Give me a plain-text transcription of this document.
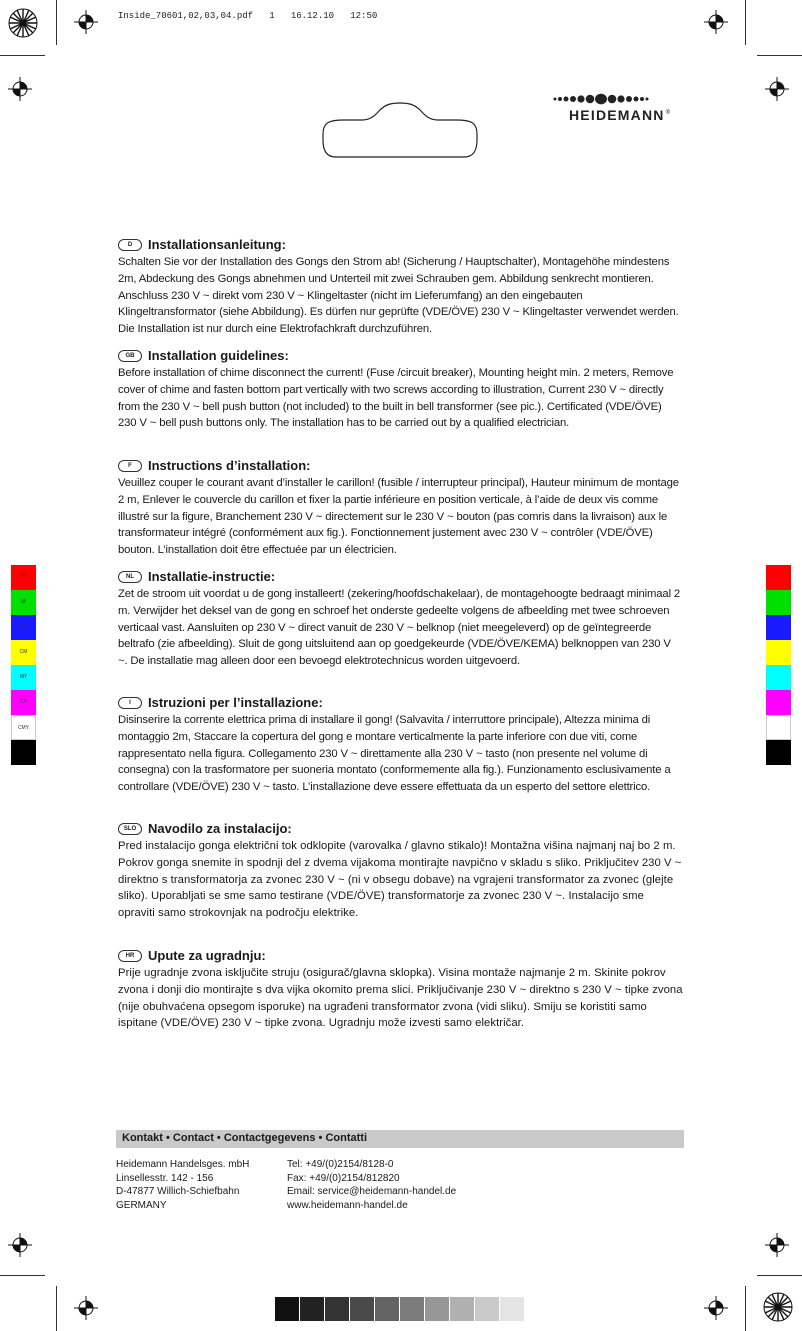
Inside_70601,02,03,04.pdf   1   16.12.10   12:50
HEIDEMANN®
D	Installationsanleitung:
Schalten Sie vor der Installation des Gongs den Strom ab! (Sicherung / Hauptschalter), Montagehöhe mindestens 2m, Abdeckung des Gongs abnehmen und Unterteil mit zwei Schrauben gem. Abbildung senkrecht montieren. Anschluss 230 V ~ direkt vom 230 V ~ Klingeltaster (nicht im Lieferumfang) an den eingebauten Klingeltransformator (siehe Abbildung). Es dürfen nur geprüfte (VDE/ÖVE) 230 V ~ Klingeltaster verwendet werden. Die Installation ist nur durch eine Elektrofachkraft durchzuführen.
GB	Installation guidelines:
Before installation of chime disconnect the current! (Fuse /circuit breaker), Mounting height min. 2 meters, Remove cover of chime and fasten bottom part vertically with two screws according to illustration, Current 230 V ~ directly from the 230 V ~ bell push button (not included) to the built in bell transformer (see pic.). Certificated (VDE/ÖVE) 230 V ~ bell push buttons only. The installation has to be carried out by a qualified electrician.
F	Instructions d’installation:
Veuillez couper le courant avant d’installer le carillon! (fusible / interrupteur principal), Hauteur minimum de montage 2 m, Enlever le couvercle du carillon et fixer la partie inférieure en position verticale, à l’aide de deux vis comme illustré sur la figure, Branchement 230 V ~ directement sur le 230 V ~ bouton (pas comris dans la livraison) aux le transformateur intégré (conformément aux fig.). Fonctionnement justement avec 230 V ~ contrôler (VDE/ÖVE) bouton. L’installation doit être effectuée par un électricien.
NL	Installatie-instructie:
Zet de stroom uit voordat u de gong installeert! (zekering/hoofdschakelaar), de montagehoogte bedraagt minimaal 2 m. Verwijder het deksel van de gong en schroef het onderste gedeelte volgens de afbeelding met twee schroeven verticaal vast. Aansluiten op 230 V ~ direct vanuit de 230 V ~ belknop (niet meegeleverd) op de geïntegreerde beltrafo (zie afbeelding). Sluit de gong uitsluitend aan op goedgekeurde (VDE/ÖVE/KEMA) belknoppen van 230 V ~. De installatie mag alleen door een bevoegd elektrotechnicus worden uitgevoerd.
I	Istruzioni per l’installazione:
Disinserire la corrente elettrica prima di installare il gong! (Salvavita / interruttore principale), Altezza minima di montaggio 2m, Staccare la copertura del gong e montare verticalmente la parte inferiore con due viti, come rappresentato nella figura. Collegamento 230 V ~ direttamente alla 230 V ~ tasto (non presente nel volume di consegna) con la trasformatore per suoneria montato (conformemente alla fig.). Funzionamento esclusivamente a controllare (VDE/ÖVE) 230 V ~ tasto. L’installazione deve essere effettuata da un esperto del settore elettrico.
SLO Navodilo za instalacijo:
Pred instalacijo gonga električni tok odklopite (varovalka / glavno stikalo)! Montažna višina najmanj naj bo 2 m. Pokrov gonga snemite in spodnji del z dvema vijakoma montirajte navpično v skladu s sliko. Priključitev 230 V ~ direktno s transformatorja za zvonec 230 V ~ (ni v obsegu dobave) na vgrajeni transformator za zvonec (glejte sliko). Uporabljati se sme samo testirane (VDE/ÖVE) transformatorje za zvonec 230 V ~. Instalacijo sme opraviti samo strokovnjak na področju elektrike.
HR	Upute za ugradnju:
Prije ugradnje zvona isključite struju (osigurač/glavna sklopka). Visina montaže najmanje 2 m. Skinite pokrov zvona i donji dio montirajte s dva vijka okomito prema slici. Priključivanje 230 V ~ direktno s 230 V ~ tipke zvona (nije obuhvaćena opsegom isporuke) na ugrađeni transformator zvona (vidi sliku). Smiju se koristiti samo ispitane (VDE/ÖVE) 230 V ~ tipke zvona. Ugradnju može izvesti samo električar.
Kontakt • Contact • Contactgegevens • Contatti
Heidemann Handelsges. mbH
Linsellesstr. 142 - 156
D-47877 Willich-Schiefbahn
GERMANY
Tel: +49/(0)2154/8128-0
Fax: +49/(0)2154/812820
Email: service@heidemann-handel.de
www.heidemann-handel.de
Y
M
C
CM
MY
CY
CMY
